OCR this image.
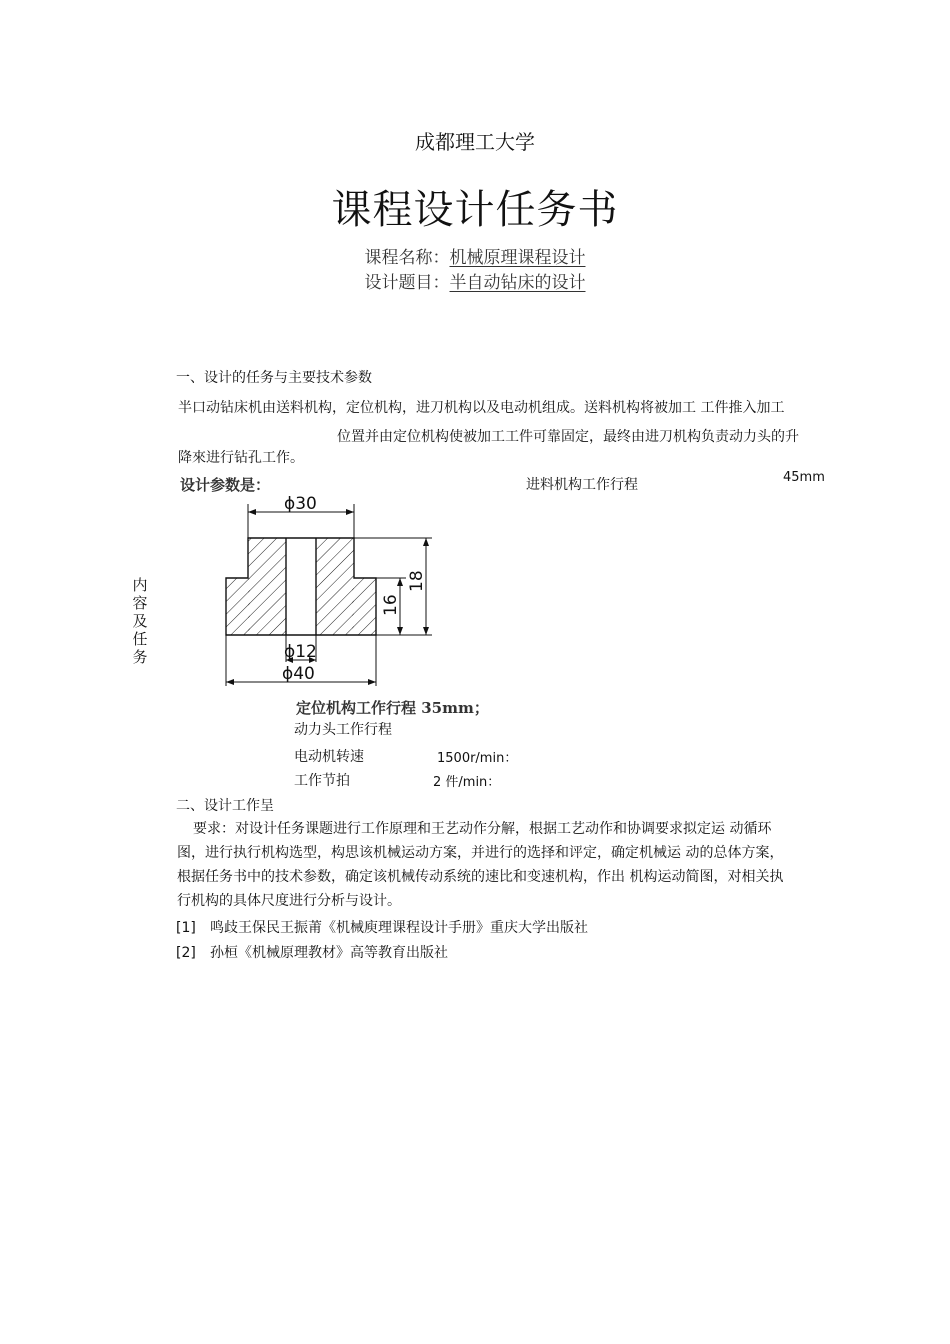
成都理工大学
课程设计任务书
课程名称：机械原理课程设计
设计题目：半自动钻床的设计
内容及任务
一、设计的任务与主要技术参数
半口动钻床机由送料机构，定位机构，进刀机构以及电动机组成。送料机构将被加工 工件推入加工
位置并由定位机构使被加工工件可靠固定，最终由进刀机构负责动力头的升
降來进行钻孔工作。
设计参数是：	进料机构工作行程	45mm
ϕ30
18
16
ϕ12
ϕ40
定位机构工作行程 35mm；
动力头工作行程
电动机转速	1500r/min：
工作节拍	2 件/min：
二、设计工作呈
要求：对设计任务课题进行工作原理和王艺动作分解，根据工艺动作和协调要求拟定运 动循环
图，进行执行机构选型，构思该机械运动方案，并进行的选择和评定，确定机械运 动的总体方案，
根据任务书中的技术参数，确定该机械传动系统的速比和变速机构，作出 机构运动简图，对相关执
行机构的具体尺度进行分析与设计。
[1] 鸣歧王保民王振莆《机械庾理课程设计手册》重庆大学出版社
[2] 孙桓《机械原理教材》高等教育出版社
